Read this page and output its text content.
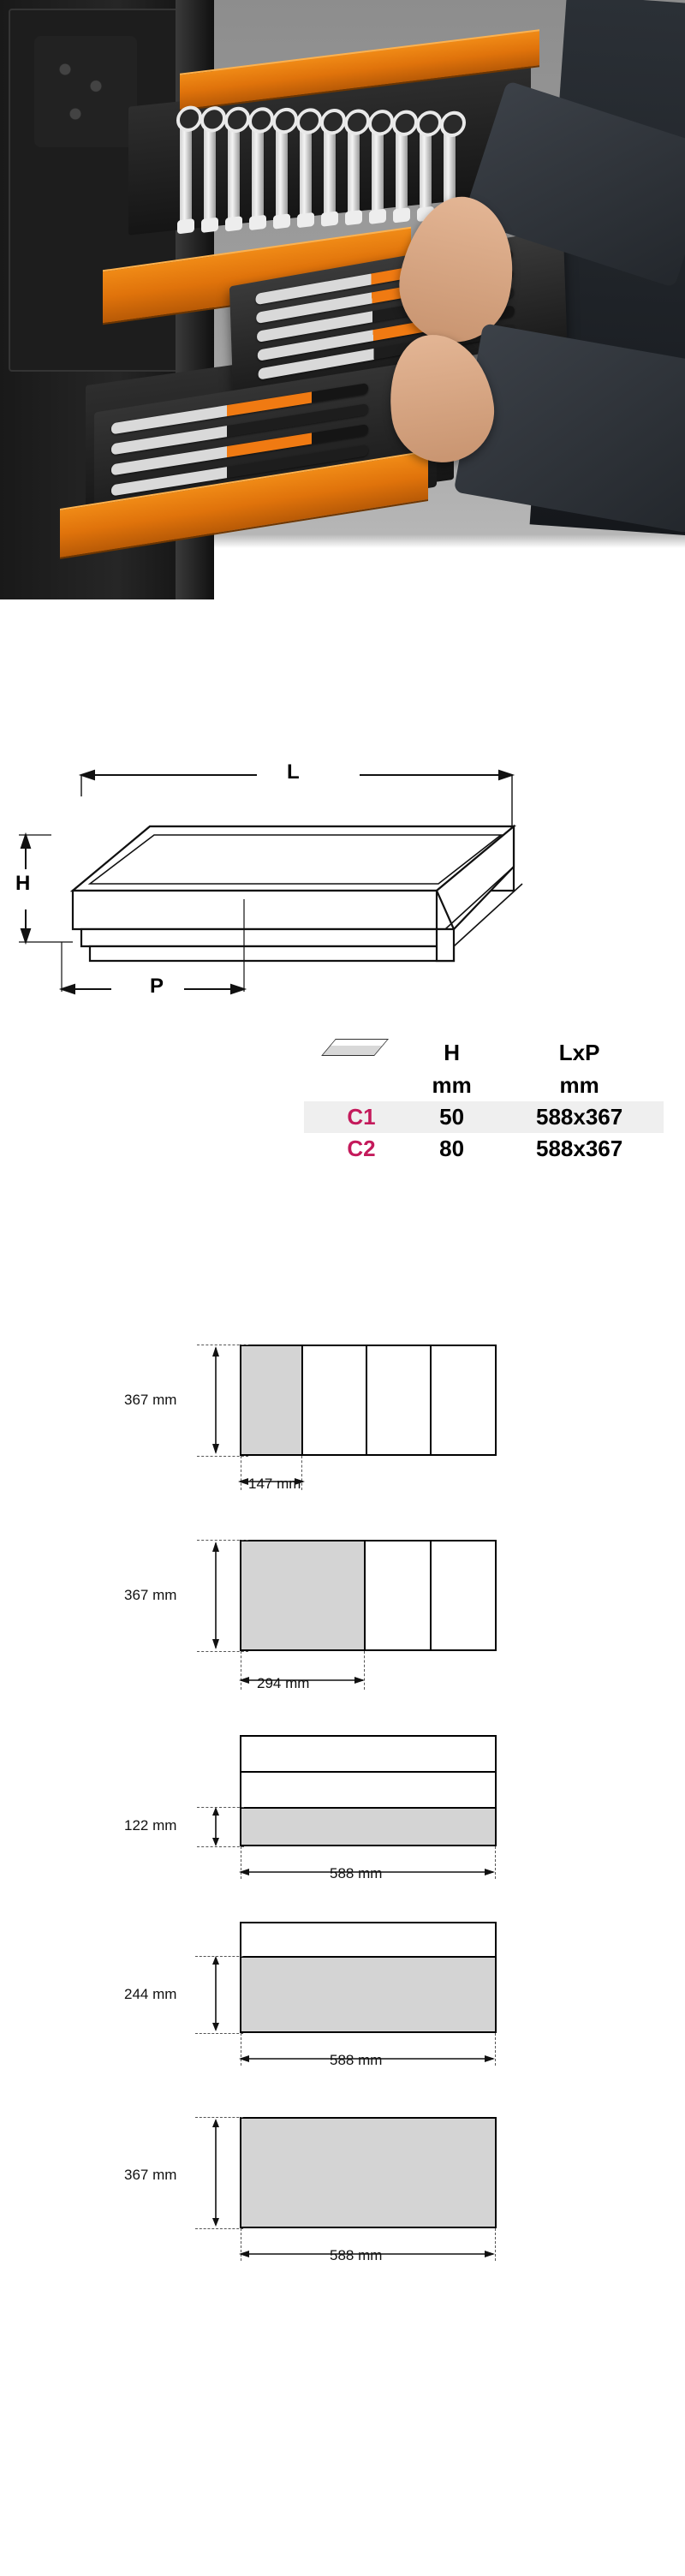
L
H
P
	H	LxP
	mm	mm
C1	50	588x367
C2	80	588x367
367 mm
147 mm
367 mm
294 mm
122 mm
588 mm
244 mm
588 mm
367 mm
588 mm
